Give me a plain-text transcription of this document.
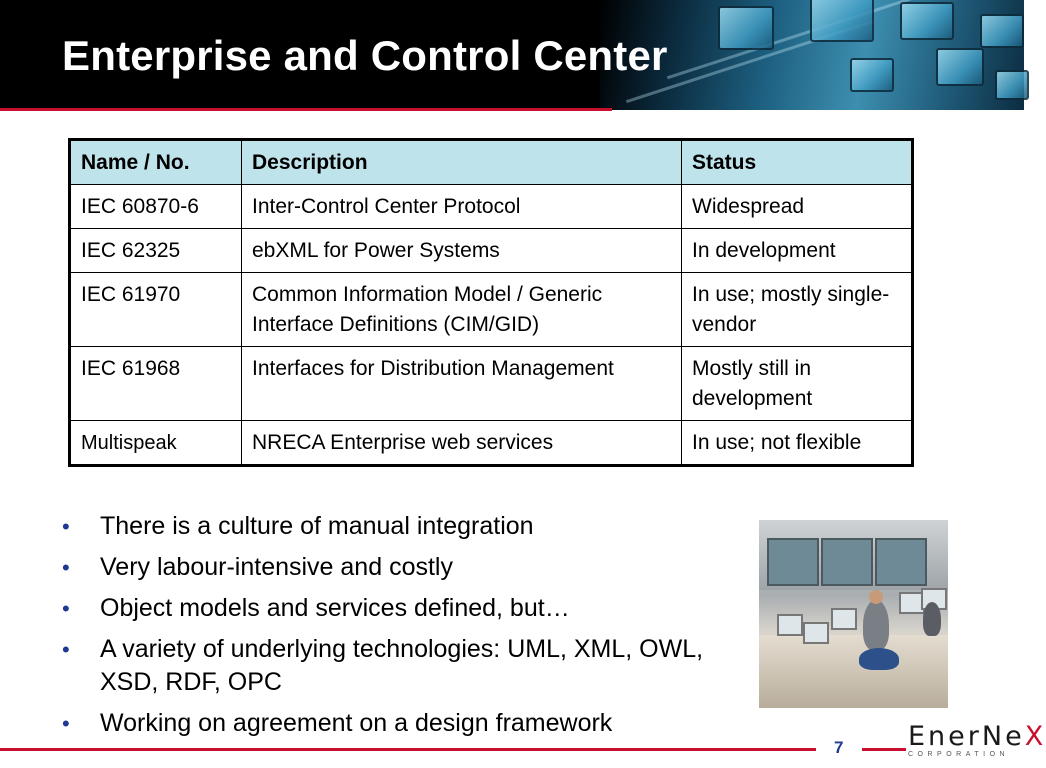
Enterprise and Control Center
Name / No.	Description	Status
IEC 60870-6	Inter-Control Center Protocol	Widespread
IEC 62325	ebXML for Power Systems	In development
IEC 61970	Common Information Model / Generic Interface Definitions (CIM/GID)	In use; mostly single-vendor
IEC 61968	Interfaces for Distribution Management	Mostly still in development
Multispeak	NRECA Enterprise web services	In use; not flexible
• There is a culture of manual integration
• Very labour-intensive and costly
• Object models and services defined, but…
• A variety of underlying technologies: UML, XML, OWL, XSD, RDF, OPC
• Working on agreement on a design framework
7 EnerNeX
CORPORATION
